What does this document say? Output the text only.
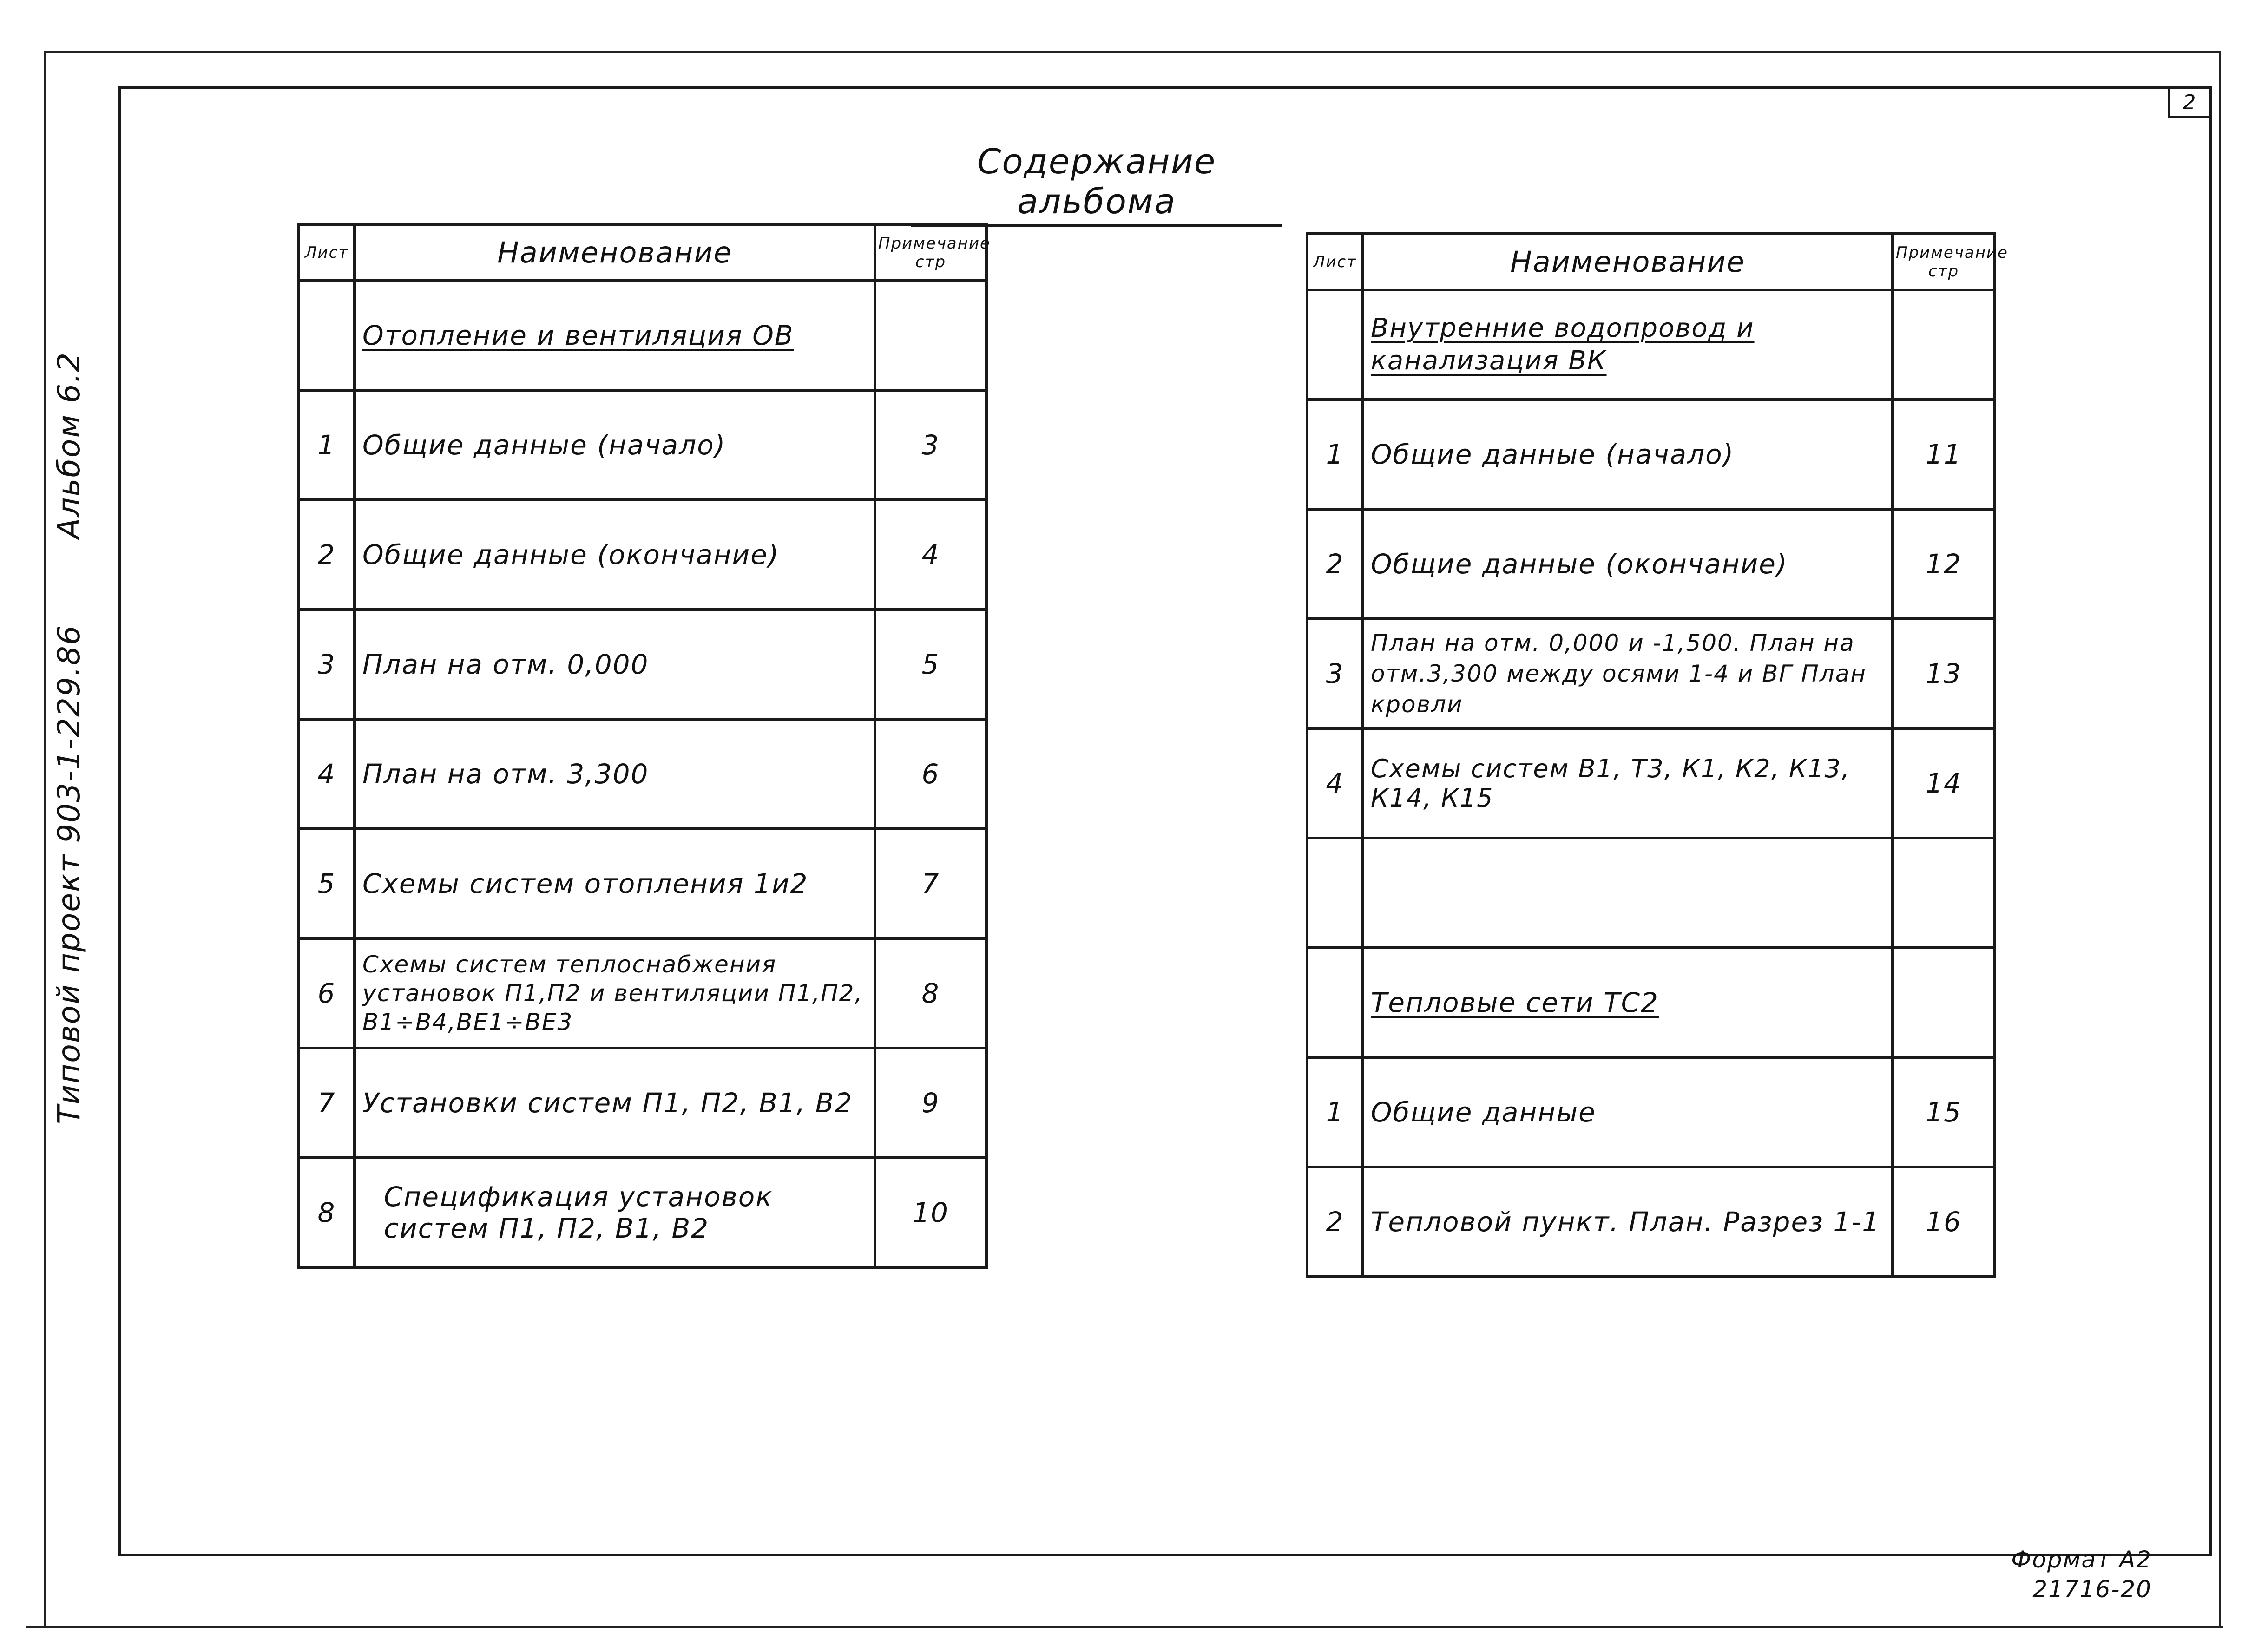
2
Типовой проект 903-1-229.86
Альбом 6.2
Содержание альбома
Лист	Наименование	Примечание стр
	Отопление и вентиляция ОВ	
1	Общие данные (начало)	3
2	Общие данные (окончание)	4
3	План на отм. 0,000	5
4	План на отм. 3,300	6
5	Схемы систем отопления 1и2	7
6	Схемы систем теплоснабжения установок П1,П2 и вентиляции П1,П2, В1÷В4,ВЕ1÷ВЕ3	8
7	Установки систем П1, П2, В1, В2	9
8	Спецификация установок систем П1, П2, В1, В2	10
Лист	Наименование	Примечание стр
	Внутренние водопровод и канализация ВК	
1	Общие данные (начало)	11
2	Общие данные (окончание)	12
3	План на отм. 0,000 и -1,500. План на отм.3,300 между осями 1-4 и ВГ План кровли	13
4	Схемы систем В1, Т3, К1, К2, К13, К14, К15	14

	Тепловые сети ТС2	
1	Общие данные	15
2	Тепловой пункт. План. Разрез 1-1	16
Формат А2
21716-20
